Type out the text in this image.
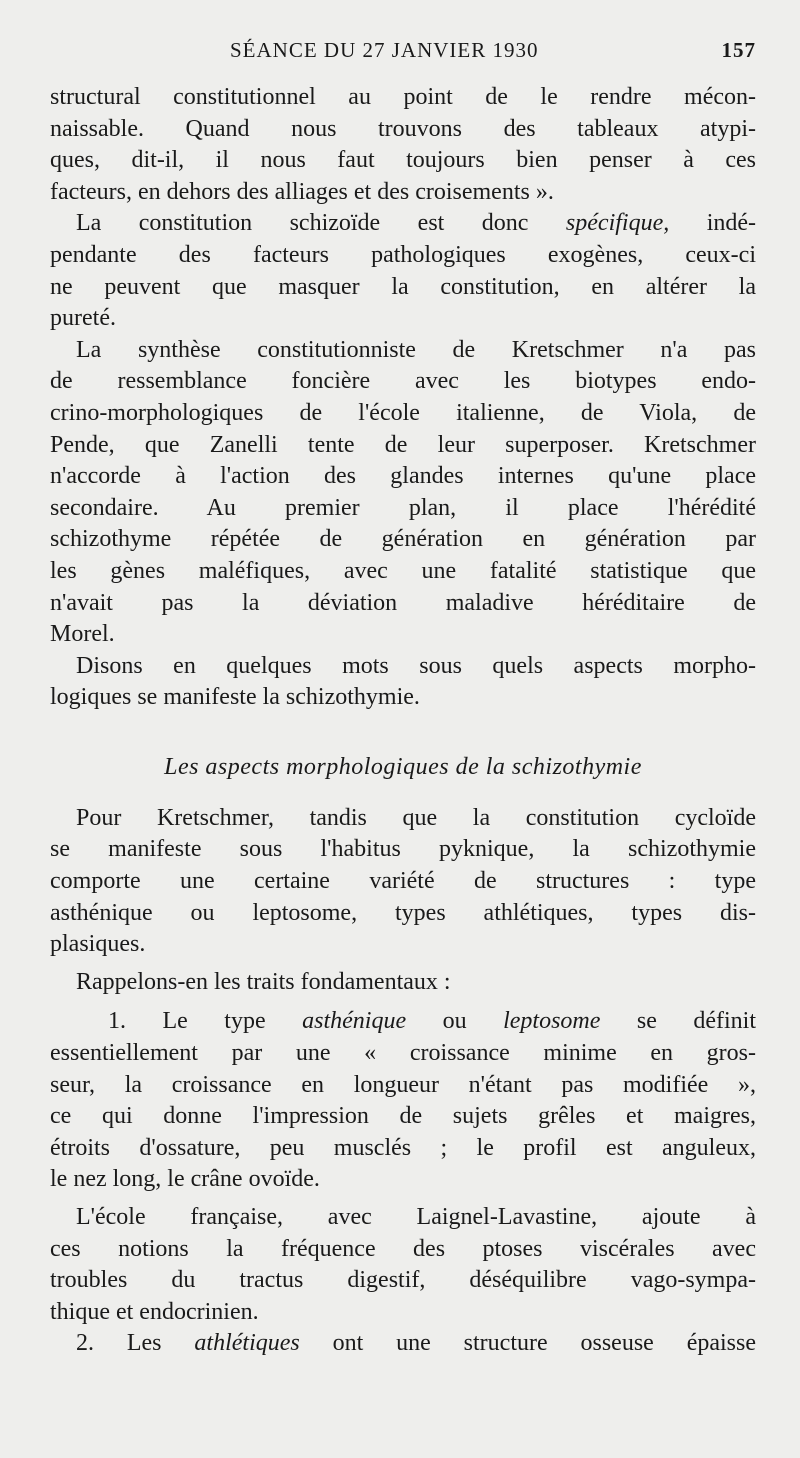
SÉANCE DU 27 JANVIER 1930	157

structural constitutionnel au point de le rendre mécon-
naissable. Quand nous trouvons des tableaux atypi-
ques, dit-il, il nous faut toujours bien penser à ces
facteurs, en dehors des alliages et des croisements ».

La constitution schizoïde est donc spécifique, indé-
pendante des facteurs pathologiques exogènes, ceux-ci
ne peuvent que masquer la constitution, en altérer la
pureté.

La synthèse constitutionniste de Kretschmer n'a pas
de ressemblance foncière avec les biotypes endo-
crino-morphologiques de l'école italienne, de Viola, de
Pende, que Zanelli tente de leur superposer. Kretschmer
n'accorde à l'action des glandes internes qu'une place
secondaire. Au premier plan, il place l'hérédité
schizothyme répétée de génération en génération par
les gènes maléfiques, avec une fatalité statistique que
n'avait pas la déviation maladive héréditaire de
Morel.

Disons en quelques mots sous quels aspects morpho-
logiques se manifeste la schizothymie.

Les aspects morphologiques de la schizothymie

Pour Kretschmer, tandis que la constitution cycloïde
se manifeste sous l'habitus pyknique, la schizothymie
comporte une certaine variété de structures : type
asthénique ou leptosome, types athlétiques, types dis-
plasiques.

Rappelons-en les traits fondamentaux :

1. Le type asthénique ou leptosome se définit
essentiellement par une « croissance minime en gros-
seur, la croissance en longueur n'étant pas modifiée »,
ce qui donne l'impression de sujets grêles et maigres,
étroits d'ossature, peu musclés ; le profil est anguleux,
le nez long, le crâne ovoïde.

L'école française, avec Laignel-Lavastine, ajoute à
ces notions la fréquence des ptoses viscérales avec
troubles du tractus digestif, déséquilibre vago-sympa-
thique et endocrinien.

2. Les athlétiques ont une structure osseuse épaisse
